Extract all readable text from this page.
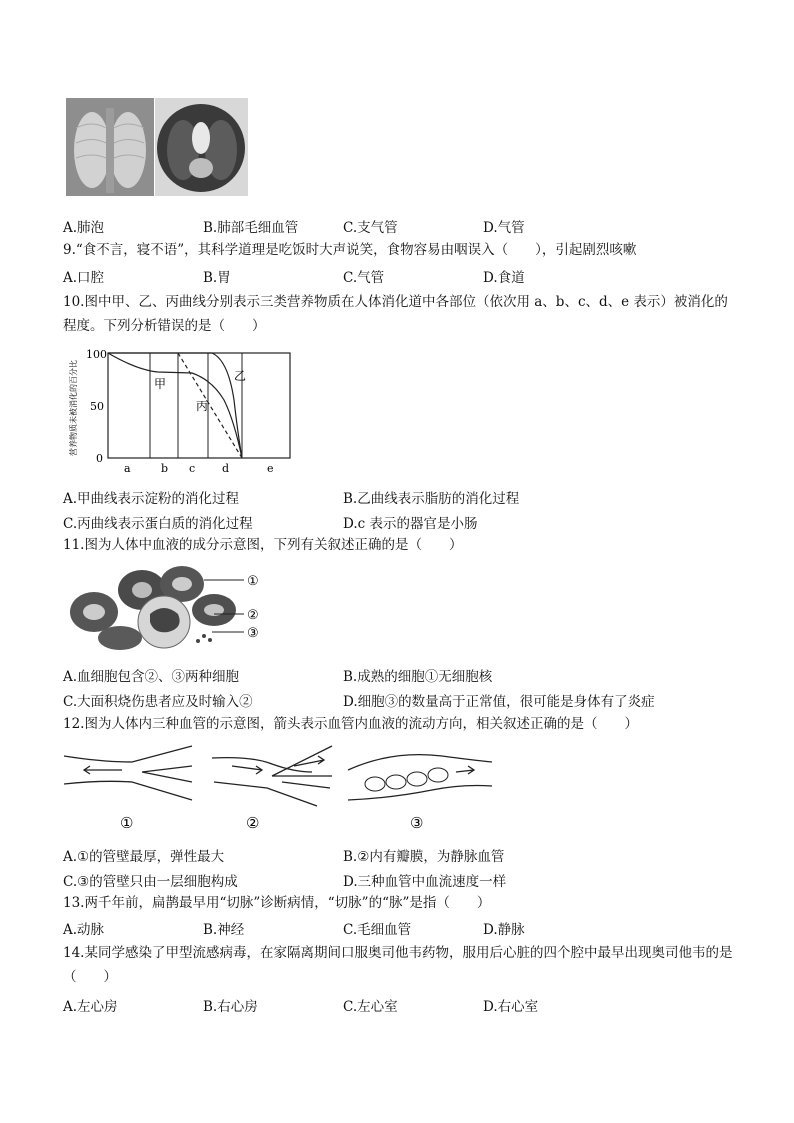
A.肺泡	B.肺部毛细血管	C.支气管	D.气管
9.“食不言，寝不语”，其科学道理是吃饭时大声说笑，食物容易由咽误入（　　），引起剧烈咳嗽
A.口腔	B.胃	C.气管	D.食道
10.图中甲、乙、丙曲线分别表示三类营养物质在人体消化道中各部位（依次用 a、b、c、d、e 表示）被消化的程度。下列分析错误的是（　　）
营养物质未被消化的百分比
100
50
0
甲
乙
丙
a	b c d	e
A.甲曲线表示淀粉的消化过程	B.乙曲线表示脂肪的消化过程
C.丙曲线表示蛋白质的消化过程	D.c 表示的器官是小肠
11.图为人体中血液的成分示意图，下列有关叙述正确的是（　　）
①
②
③
A.血细胞包含②、③两种细胞	B.成熟的细胞①无细胞核
C.大面积烧伤患者应及时输入②	D.细胞③的数量高于正常值，很可能是身体有了炎症
12.图为人体内三种血管的示意图，箭头表示血管内血液的流动方向，相关叙述正确的是（　　）
①	②	③
A.①的管壁最厚，弹性最大	B.②内有瓣膜，为静脉血管
C.③的管壁只由一层细胞构成	D.三种血管中血流速度一样
13.两千年前，扁鹊最早用“切脉”诊断病情，“切脉”的“脉”是指（　　）
A.动脉	B.神经	C.毛细血管	D.静脉
14.某同学感染了甲型流感病毒，在家隔离期间口服奥司他韦药物，服用后心脏的四个腔中最早出现奥司他韦的是（　　）
A.左心房	B.右心房	C.左心室	D.右心室
